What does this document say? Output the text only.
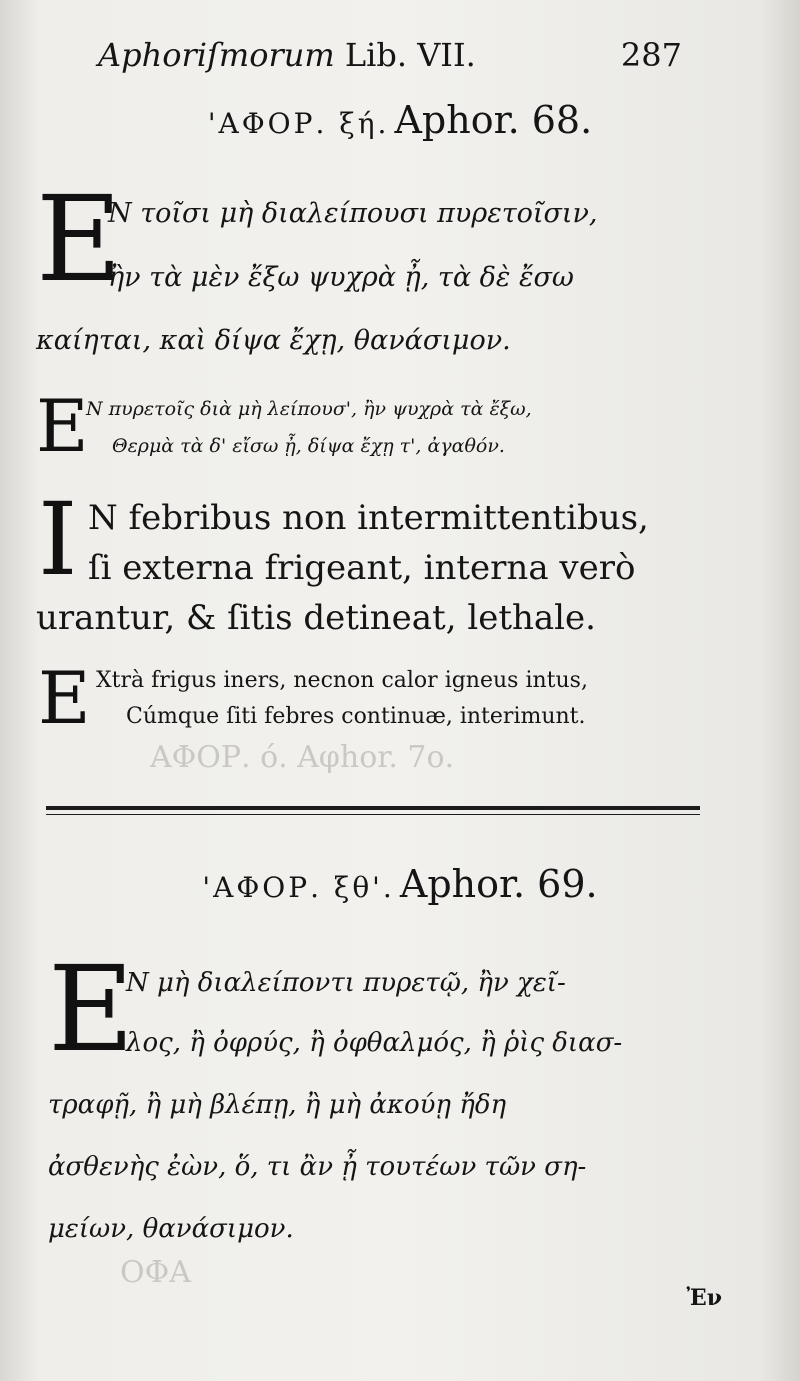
ΑΦΟΡ. ό. Αφhor. 7ο.
ΟΦΑ
Aphoriſmorum Lib. VII.	287
'ΑΦΟΡ. ξή. Aphor. 68.
E
Ν τοῖσι μὴ διαλείπουσι πυρετοῖσιν,
ἢν τὰ μὲν ἔξω ψυχρὰ ᾖ, τὰ δὲ ἔσω
καίηται, καὶ δίψα ἔχῃ, θανάσιμον.
E
Ν πυρετοῖς διὰ μὴ λείπουσ', ἢν ψυχρὰ τὰ ἔξω,
Θερμὰ τὰ δ' εἴσω ᾖ, δίψα ἔχῃ τ', ἀγαθόν.
I N febribus non intermittentibus,
ſi externa frigeant, interna verò
urantur, & ſitis detineat, lethale.
E Xtrà frigus iners, necnon calor igneus intus,
Cúmque ſiti febres continuæ, interimunt.
'ΑΦΟΡ. ξθ'. Aphor. 69.
E
Ν μὴ διαλείποντι πυρετῷ, ἢν χεῖ-
λος, ἢ ὀφρύς, ἢ ὀφθαλμός, ἢ ῥὶς διασ-
τραφῇ, ἢ μὴ βλέπῃ, ἢ μὴ ἀκούῃ ἤδη
ἀσθενὴς ἐὼν, ὅ, τι ἂν ᾖ τουτέων τῶν ση-
μείων, θανάσιμον.
Ἐν
